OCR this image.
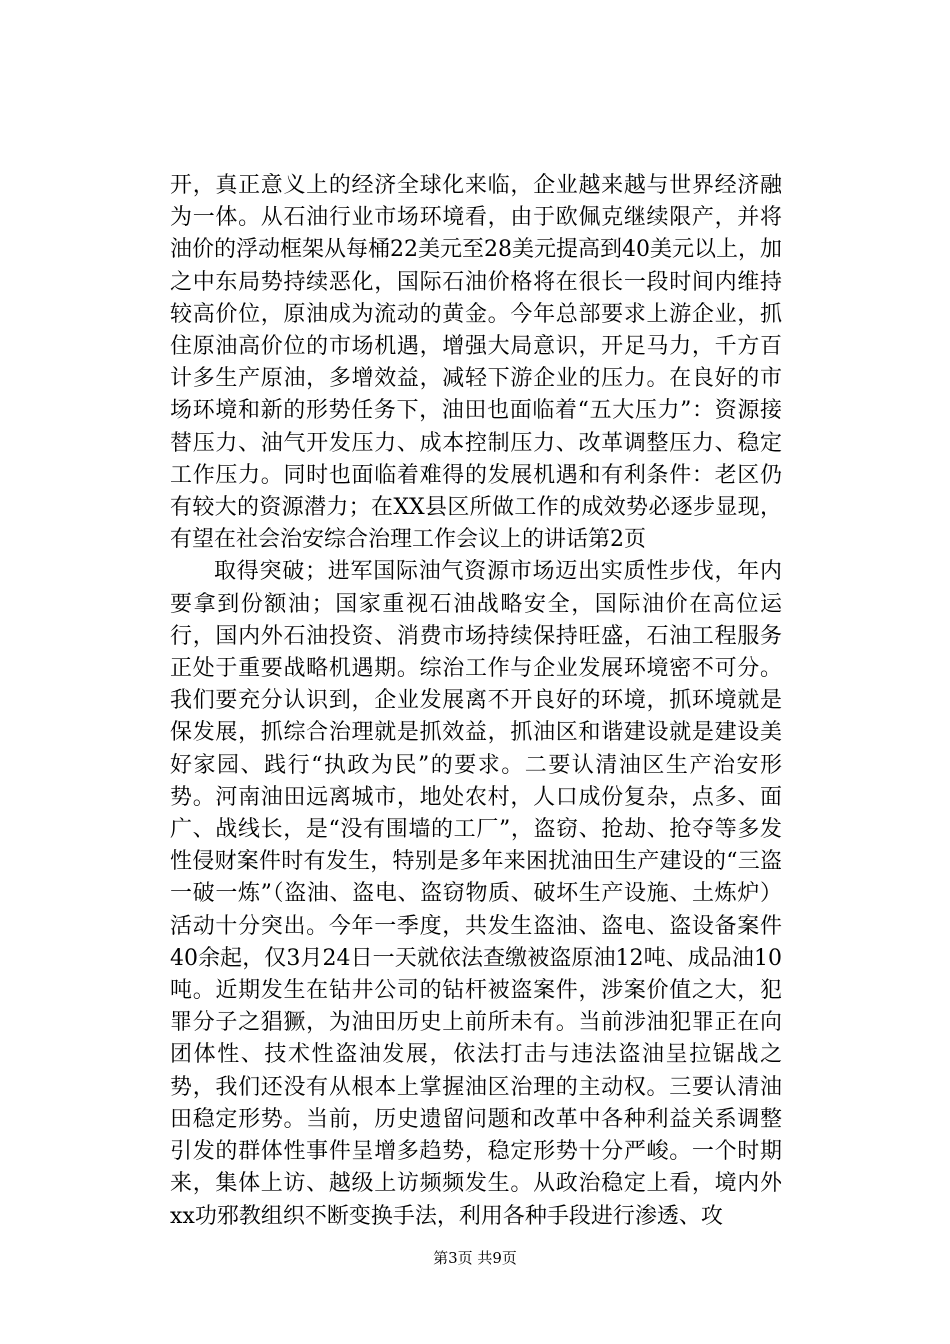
开，真正意义上的经济全球化来临，企业越来越与世界经济融为一体。从石油行业市场环境看，由于欧佩克继续限产，并将油价的浮动框架从每桶22美元至28美元提高到40美元以上，加之中东局势持续恶化，国际石油价格将在很长一段时间内维持较高价位，原油成为流动的黄金。今年总部要求上游企业，抓住原油高价位的市场机遇，增强大局意识，开足马力，千方百计多生产原油，多增效益，减轻下游企业的压力。在良好的市场环境和新的形势任务下，油田也面临着“五大压力”：资源接替压力、油气开发压力、成本控制压力、改革调整压力、稳定工作压力。同时也面临着难得的发展机遇和有利条件：老区仍有较大的资源潜力；在XX县区所做工作的成效势必逐步显现，有望在社会治安综合治理工作会议上的讲话第2页

取得突破；进军国际油气资源市场迈出实质性步伐，年内要拿到份额油；国家重视石油战略安全，国际油价在高位运行，国内外石油投资、消费市场持续保持旺盛，石油工程服务正处于重要战略机遇期。综治工作与企业发展环境密不可分。我们要充分认识到，企业发展离不开良好的环境，抓环境就是保发展，抓综合治理就是抓效益，抓油区和谐建设就是建设美好家园、践行“执政为民”的要求。二要认清油区生产治安形势。河南油田远离城市，地处农村，人口成份复杂，点多、面广、战线长，是“没有围墙的工厂”，盗窃、抢劫、抢夺等多发性侵财案件时有发生，特别是多年来困扰油田生产建设的“三盗一破一炼”（盗油、盗电、盗窃物质、破坏生产设施、土炼炉）活动十分突出。今年一季度，共发生盗油、盗电、盗设备案件40余起，仅3月24日一天就依法查缴被盗原油12吨、成品油10吨。近期发生在钻井公司的钻杆被盗案件，涉案价值之大，犯罪分子之猖獗，为油田历史上前所未有。当前涉油犯罪正在向团体性、技术性盗油发展，依法打击与违法盗油呈拉锯战之势，我们还没有从根本上掌握油区治理的主动权。三要认清油田稳定形势。当前，历史遗留问题和改革中各种利益关系调整引发的群体性事件呈增多趋势，稳定形势十分严峻。一个时期来，集体上访、越级上访频频发生。从政治稳定上看，境内外xx功邪教组织不断变换手法，利用各种手段进行渗透、攻

第3页 共9页
